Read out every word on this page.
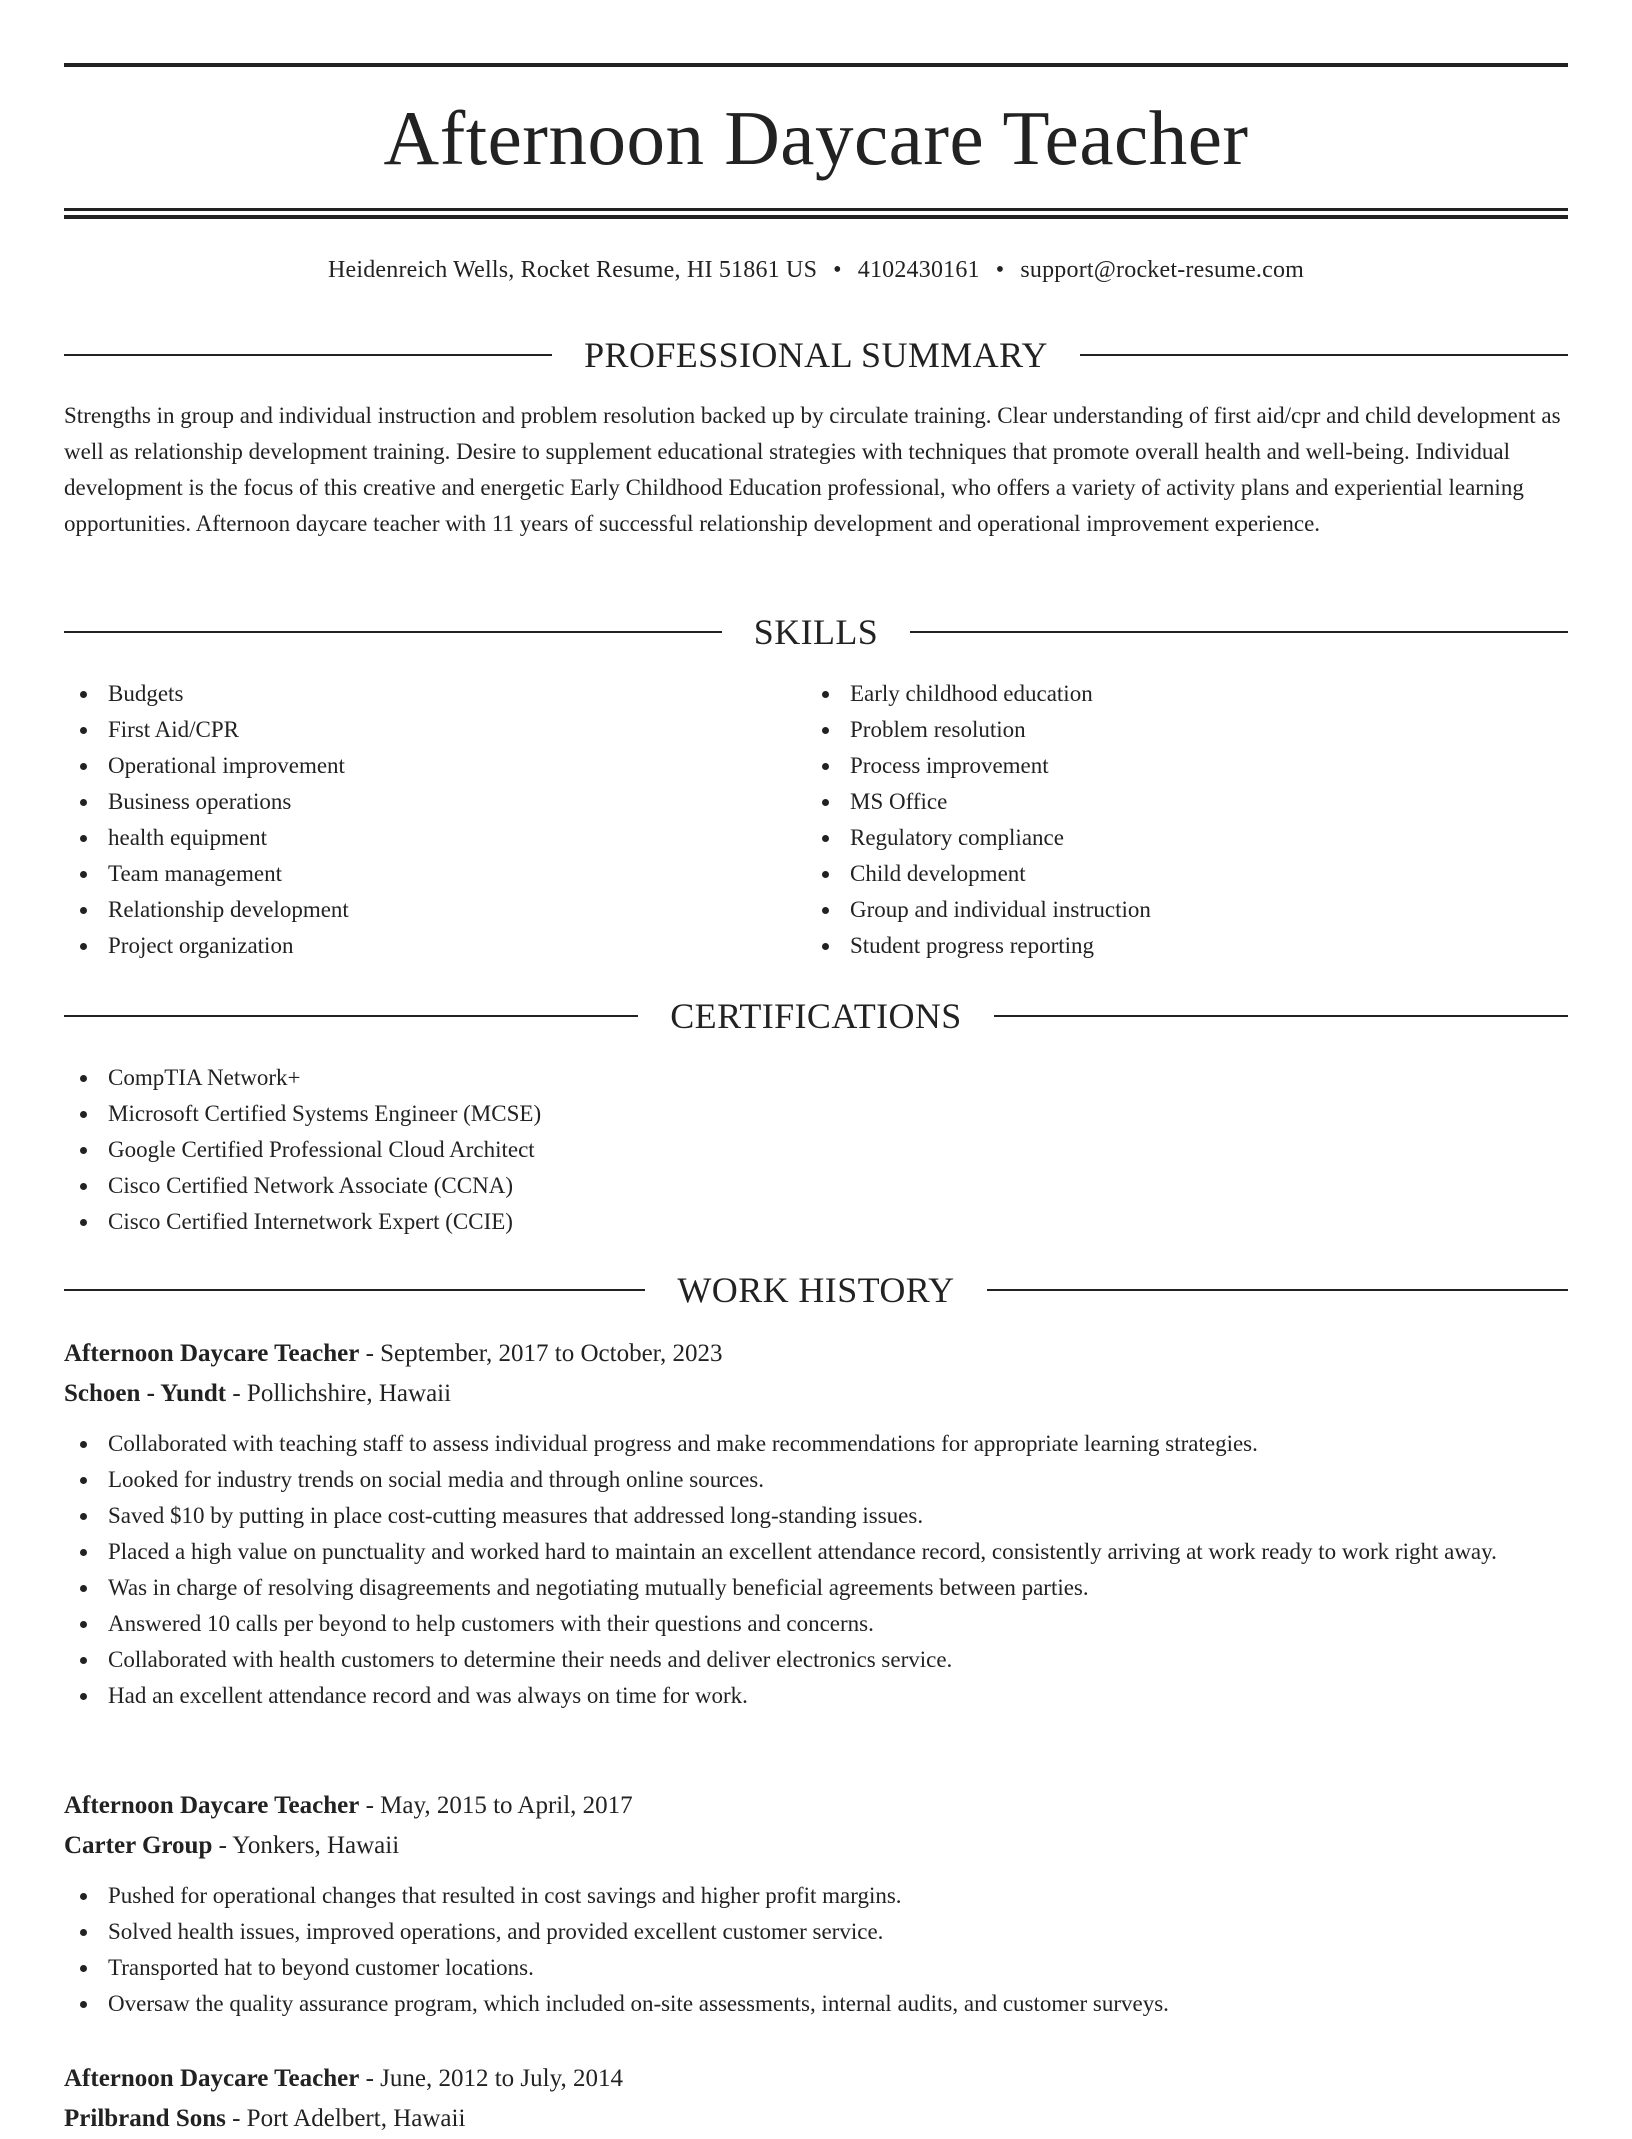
Afternoon Daycare Teacher
Heidenreich Wells, Rocket Resume, HI 51861 US • 4102430161 • support@rocket-resume.com
PROFESSIONAL SUMMARY

Strengths in group and individual instruction and problem resolution backed up by circulate training. Clear understanding of first aid/cpr and child development as well as relationship development training. Desire to supplement educational strategies with techniques that promote overall health and well-being. Individual development is the focus of this creative and energetic Early Childhood Education professional, who offers a variety of activity plans and experiential learning opportunities. Afternoon daycare teacher with 11 years of successful relationship development and operational improvement experience.

SKILLS
Budgets
First Aid/CPR
Operational improvement
Business operations
health equipment
Team management
Relationship development
Project organization
Early childhood education
Problem resolution
Process improvement
MS Office
Regulatory compliance
Child development
Group and individual instruction
Student progress reporting
CERTIFICATIONS
CompTIA Network+
Microsoft Certified Systems Engineer (MCSE)
Google Certified Professional Cloud Architect
Cisco Certified Network Associate (CCNA)
Cisco Certified Internetwork Expert (CCIE)
WORK HISTORY
Afternoon Daycare Teacher - September, 2017 to October, 2023
Schoen - Yundt - Pollichshire, Hawaii
Collaborated with teaching staff to assess individual progress and make recommendations for appropriate learning strategies.
Looked for industry trends on social media and through online sources.
Saved $10 by putting in place cost-cutting measures that addressed long-standing issues.
Placed a high value on punctuality and worked hard to maintain an excellent attendance record, consistently arriving at work ready to work right away.
Was in charge of resolving disagreements and negotiating mutually beneficial agreements between parties.
Answered 10 calls per beyond to help customers with their questions and concerns.
Collaborated with health customers to determine their needs and deliver electronics service.
Had an excellent attendance record and was always on time for work.
Afternoon Daycare Teacher - May, 2015 to April, 2017
Carter Group - Yonkers, Hawaii
Pushed for operational changes that resulted in cost savings and higher profit margins.
Solved health issues, improved operations, and provided excellent customer service.
Transported hat to beyond customer locations.
Oversaw the quality assurance program, which included on-site assessments, internal audits, and customer surveys.
Afternoon Daycare Teacher - June, 2012 to July, 2014
Prilbrand Sons - Port Adelbert, Hawaii
